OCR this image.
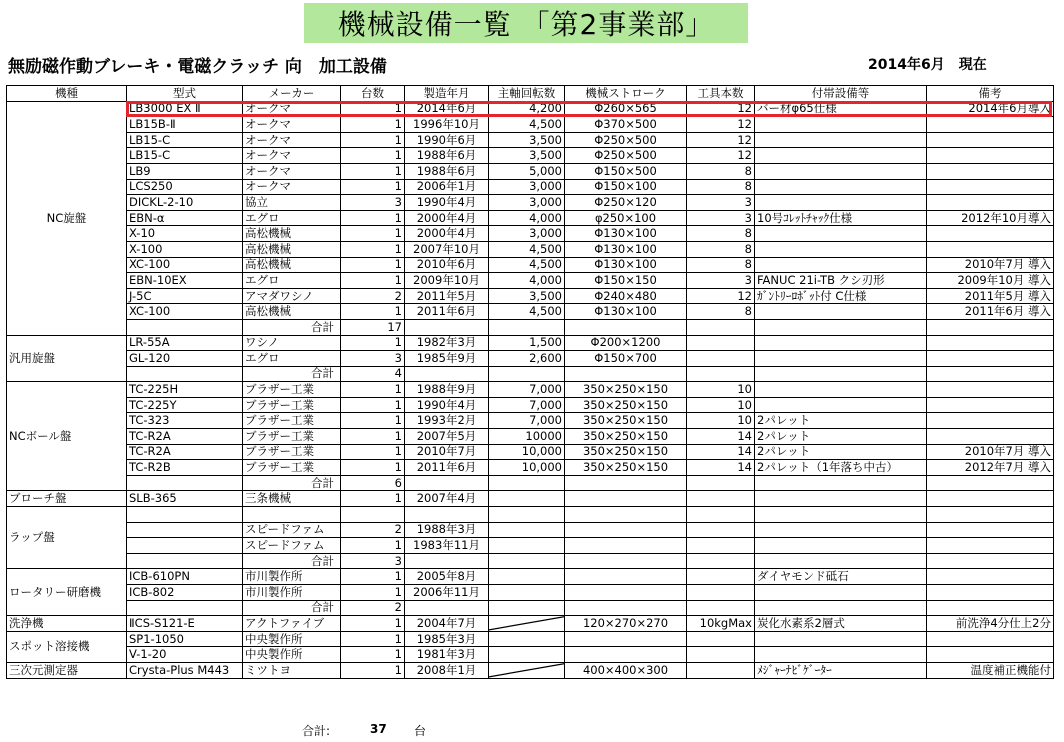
機械設備一覧 「第2事業部」
無励磁作動ブレーキ・電磁クラッチ 向　加工設備	2014年6月　現在
機種	型式	メーカー	台数	製造年月	主軸回転数	機械ストローク	工具本数	付帯設備等	備考
NC旋盤	LB3000 EX Ⅱ	オークマ	1	2014年6月	4,200	Φ260×565	12	バー材φ65仕様	2014年6月導入
	LB15B-Ⅱ	オークマ	1	1996年10月	4,500	Φ370×500	12		
	LB15-C	オークマ	1	1990年6月	3,500	Φ250×500	12		
	LB15-C	オークマ	1	1988年6月	3,500	Φ250×500	12		
	LB9	オークマ	1	1988年6月	5,000	Φ150×500	8		
	LCS250	オークマ	1	2006年1月	3,000	Φ150×100	8		
	DICKL-2-10	協立	3	1990年4月	3,000	Φ250×120	3		
	EBN-α	エグロ	1	2000年4月	4,000	φ250×100	3	10号ｺﾚｯﾄﾁｬｯｸ仕様	2012年10月導入
	X-10	高松機械	1	2000年4月	3,000	Φ130×100	8		
	X-100	高松機械	1	2007年10月	4,500	Φ130×100	8		
	XC-100	高松機械	1	2010年6月	4,500	Φ130×100	8		2010年7月 導入
	EBN-10EX	エグロ	1	2009年10月	4,000	Φ150×150	3	FANUC 21i-TB クシ刃形	2009年10月 導入
	J-5C	アマダワシノ	2	2011年5月	3,500	Φ240×480	12	ｶﾞﾝﾄﾘｰﾛﾎﾞｯﾄ付 C仕様	2011年5月 導入
	XC-100	高松機械	1	2011年6月	4,500	Φ130×100	8		2011年6月 導入
		合計	17						
汎用旋盤	LR-55A	ワシノ	1	1982年3月	1,500	Φ200×1200			
	GL-120	エグロ	3	1985年9月	2,600	Φ150×700			
		合計	4						
NCボール盤	TC-225H	ブラザー工業	1	1988年9月	7,000	350×250×150	10		
	TC-225Y	ブラザー工業	1	1990年4月	7,000	350×250×150	10		
	TC-323	ブラザー工業	1	1993年2月	7,000	350×250×150	10	2パレット	
	TC-R2A	ブラザー工業	1	2007年5月	10000	350×250×150	14	2パレット	
	TC-R2A	ブラザー工業	1	2010年7月	10,000	350×250×150	14	2パレット	2010年7月 導入
	TC-R2B	ブラザー工業	1	2011年6月	10,000	350×250×150	14	2パレット（1年落ち中古）	2012年7月 導入
		合計	6						
ブローチ盤	SLB-365	三条機械	1	2007年4月					
ラップ盤									
		スピードファム	2	1988年3月					
		スピードファム	1	1983年11月					
		合計	3						
ロータリー研磨機	ICB-610PN	市川製作所	1	2005年8月				ダイヤモンド砥石	
	ICB-802	市川製作所	1	2006年11月					
		合計	2						
洗浄機	ⅡCS-S121-E	アクトファイブ	1	2004年7月		120×270×270	10kgMax	炭化水素系2層式	前洗浄4分仕上2分
スポット溶接機	SP1-1050	中央製作所	1	1985年3月					
	V-1-20	中央製作所	1	1981年3月					
三次元測定器	Crysta-Plus M443	ミツトヨ	1	2008年1月		400×400×300		ﾒｼﾞｬｰﾅﾋﾞｹﾞｰﾀｰ	温度補正機能付
合計:	37 台
